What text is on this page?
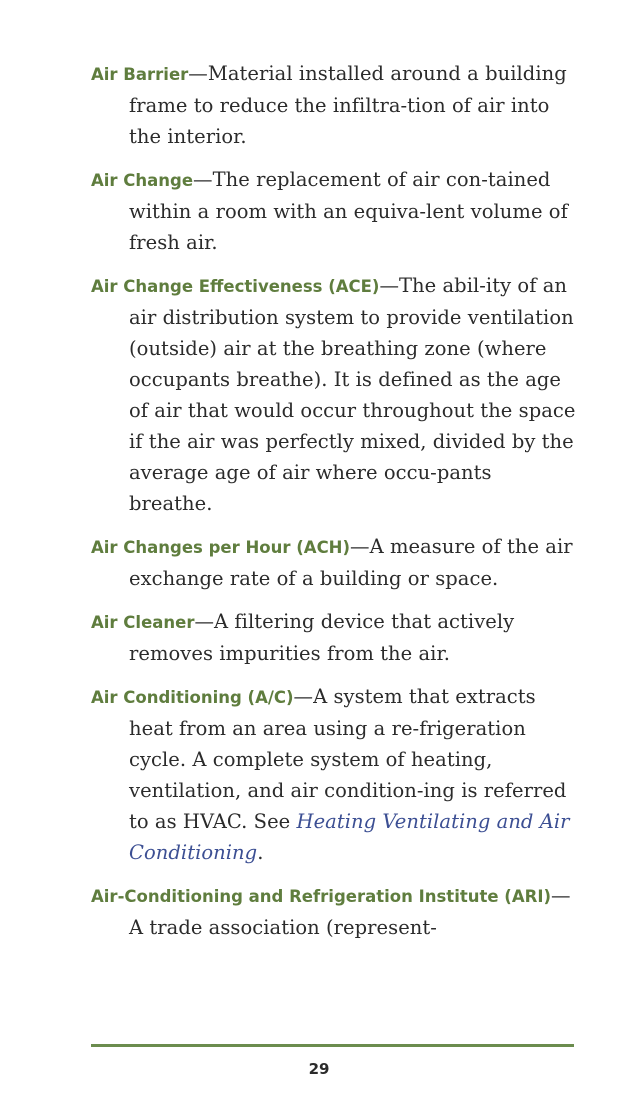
Air Barrier—Material installed around a building frame to reduce the infiltra-tion of air into the interior.

Air Change—The replacement of air con-tained within a room with an equiva-lent volume of fresh air.

Air Change Effectiveness (ACE)—The abil-ity of an air distribution system to provide ventilation (outside) air at the breathing zone (where occupants breathe). It is defined as the age of air that would occur throughout the space if the air was perfectly mixed, divided by the average age of air where occu-pants breathe.

Air Changes per Hour (ACH)—A measure of the air exchange rate of a building or space.

Air Cleaner—A filtering device that actively removes impurities from the air.

Air Conditioning (A/C)—A system that extracts heat from an area using a re-frigeration cycle. A complete system of heating, ventilation, and air condition-ing is referred to as HVAC. See Heating Ventilating and Air Conditioning.

Air-Conditioning and Refrigeration Institute (ARI)—A trade association (represent-

29
